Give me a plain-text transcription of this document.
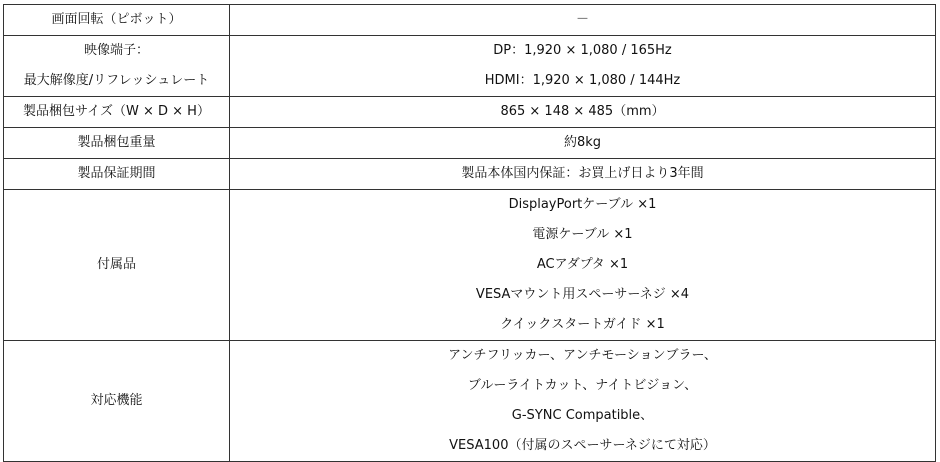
画面回転（ピボット）	－

映像端子：
最大解像度/リフレッシュレート	DP：1,920 × 1,080 / 165Hz
HDMI：1,920 × 1,080 / 144Hz

製品梱包サイズ（W × D × H）	865 × 148 × 485（mm）

製品梱包重量	約8kg

製品保証期間	製品本体国内保証：お買上げ日より3年間

付属品	DisplayPortケーブル ×1
電源ケーブル ×1
ACアダプタ ×1
VESAマウント用スペーサーネジ ×4
クイックスタートガイド ×1

対応機能	アンチフリッカー、アンチモーションブラー、
ブルーライトカット、ナイトビジョン、
G-SYNC Compatible、
VESA100（付属のスペーサーネジにて対応）
